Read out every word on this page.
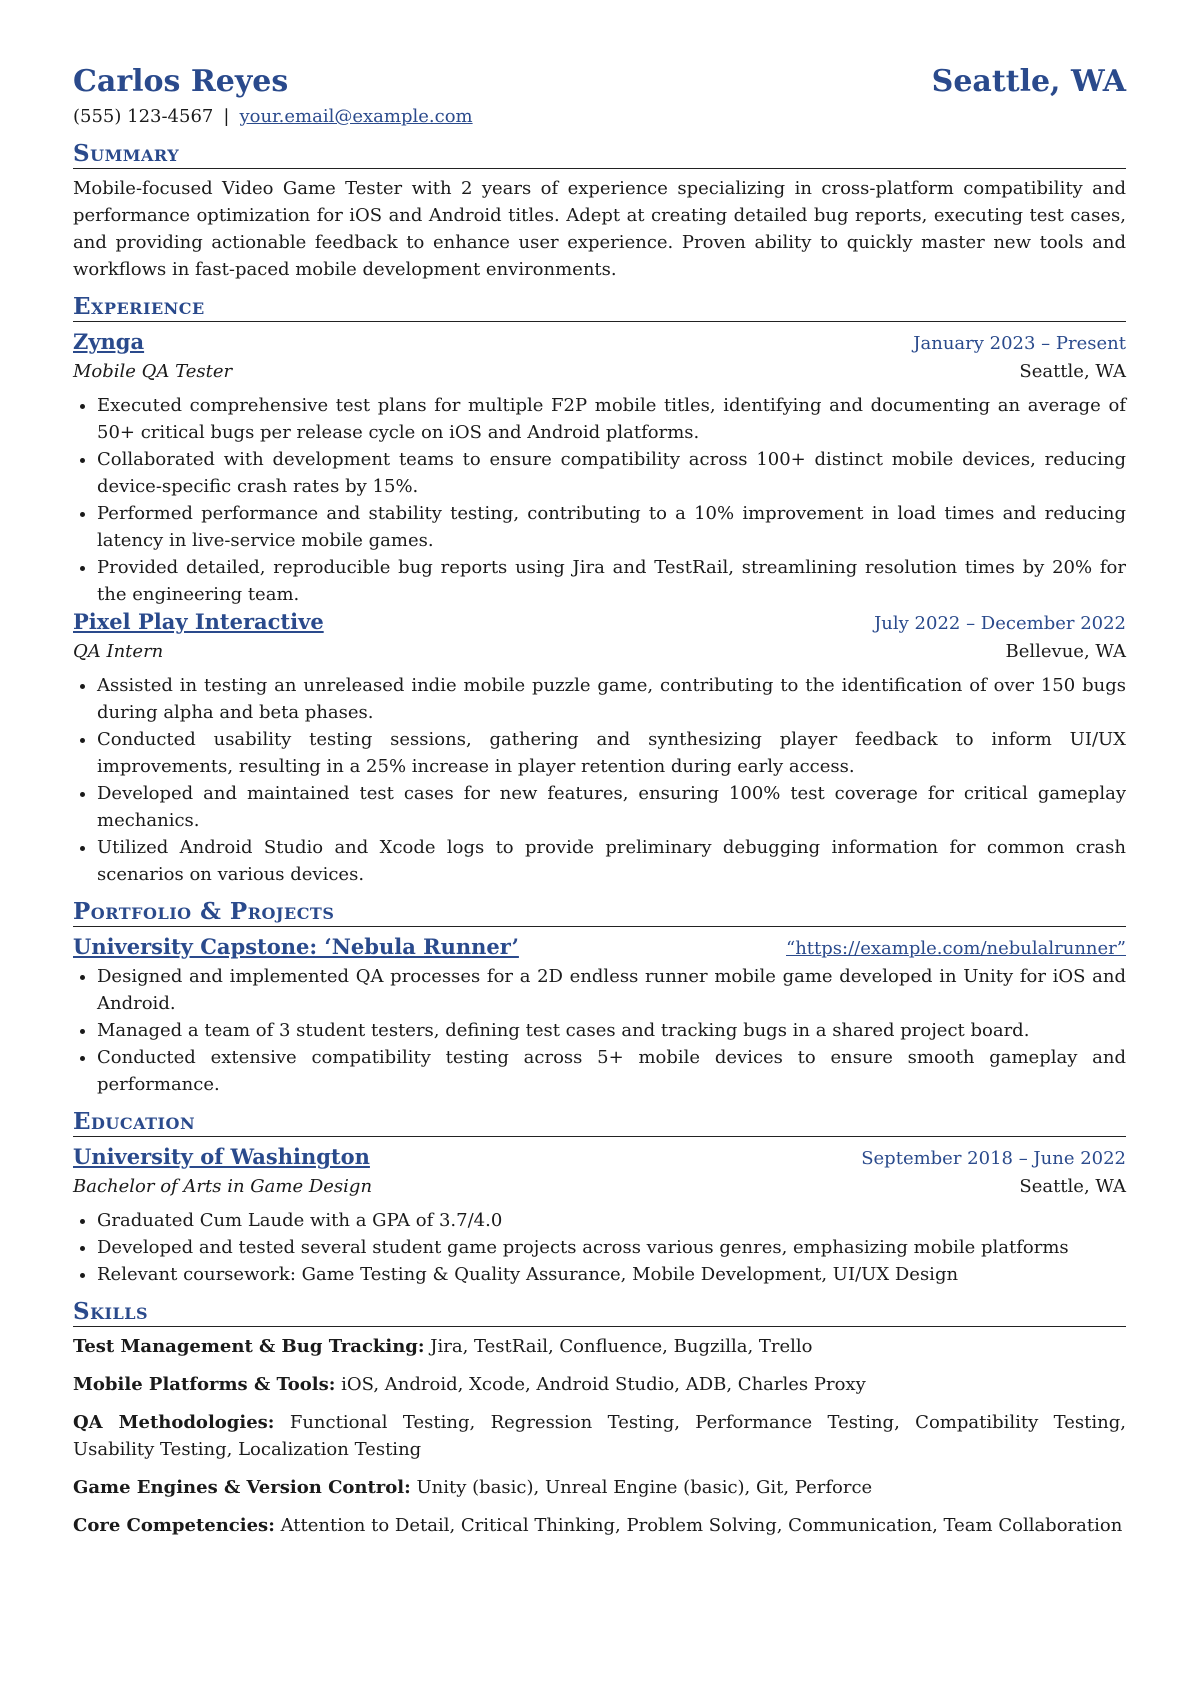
Carlos Reyes	Seattle, WA
(555) 123-4567 | your.email@example.com
Summary
Mobile-focused Video Game Tester with 2 years of experience specializing in cross-platform compatibility and performance optimization for iOS and Android titles. Adept at creating detailed bug reports, executing test cases, and providing actionable feedback to enhance user experience. Proven ability to quickly master new tools and workflows in fast-paced mobile development environments.
Experience
Zynga	January 2023 – Present
Mobile QA Tester	Seattle, WA
• Executed comprehensive test plans for multiple F2P mobile titles, identifying and documenting an average of 50+ critical bugs per release cycle on iOS and Android platforms.
• Collaborated with development teams to ensure compatibility across 100+ distinct mobile devices, reducing device-specific crash rates by 15%.
• Performed performance and stability testing, contributing to a 10% improvement in load times and reducing latency in live-service mobile games.
• Provided detailed, reproducible bug reports using Jira and TestRail, streamlining resolution times by 20% for the engineering team.
Pixel Play Interactive	July 2022 – December 2022
QA Intern	Bellevue, WA
• Assisted in testing an unreleased indie mobile puzzle game, contributing to the identification of over 150 bugs during alpha and beta phases.
• Conducted usability testing sessions, gathering and synthesizing player feedback to inform UI/UX improvements, resulting in a 25% increase in player retention during early access.
• Developed and maintained test cases for new features, ensuring 100% test coverage for critical gameplay mechanics.
• Utilized Android Studio and Xcode logs to provide preliminary debugging information for common crash scenarios on various devices.
Portfolio & Projects
University Capstone: ‘Nebula Runner’	“https://example.com/nebulalrunner”
• Designed and implemented QA processes for a 2D endless runner mobile game developed in Unity for iOS and Android.
• Managed a team of 3 student testers, defining test cases and tracking bugs in a shared project board.
• Conducted extensive compatibility testing across 5+ mobile devices to ensure smooth gameplay and performance.
Education
University of Washington	September 2018 – June 2022
Bachelor of Arts in Game Design	Seattle, WA
• Graduated Cum Laude with a GPA of 3.7/4.0
• Developed and tested several student game projects across various genres, emphasizing mobile platforms
• Relevant coursework: Game Testing & Quality Assurance, Mobile Development, UI/UX Design
Skills
Test Management & Bug Tracking: Jira, TestRail, Confluence, Bugzilla, Trello
Mobile Platforms & Tools: iOS, Android, Xcode, Android Studio, ADB, Charles Proxy
QA Methodologies: Functional Testing, Regression Testing, Performance Testing, Compatibility Testing, Usability Testing, Localization Testing
Game Engines & Version Control: Unity (basic), Unreal Engine (basic), Git, Perforce
Core Competencies: Attention to Detail, Critical Thinking, Problem Solving, Communication, Team Collaboration
